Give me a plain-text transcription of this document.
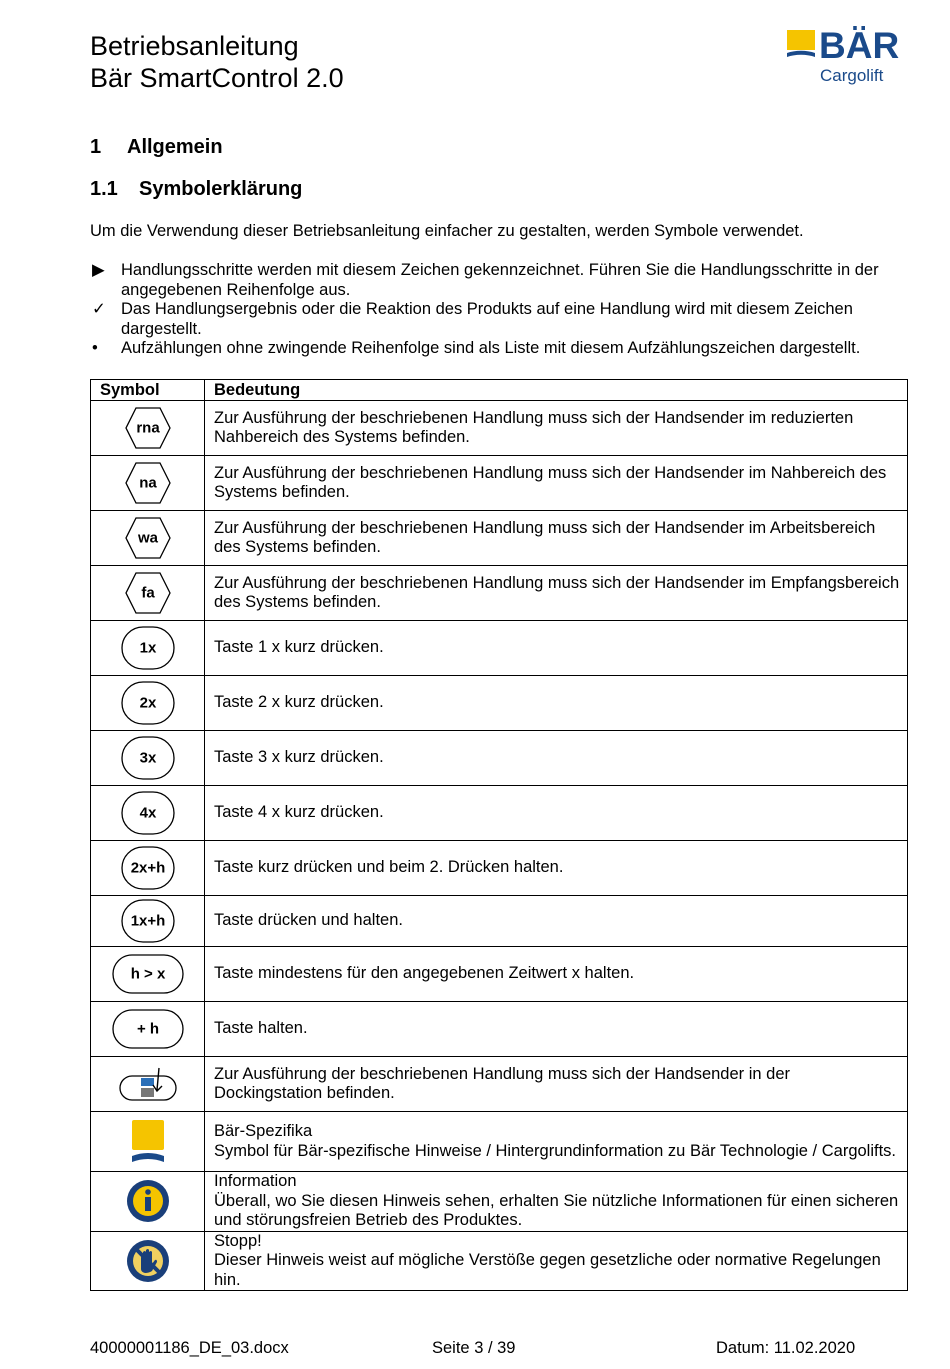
Betriebsanleitung
Bär SmartControl 2.0
BÄR
Cargolift
1 Allgemein
1.1 Symbolerklärung
Um die Verwendung dieser Betriebsanleitung einfacher zu gestalten, werden Symbole verwendet.
▶ Handlungsschritte werden mit diesem Zeichen gekennzeichnet. Führen Sie die Handlungsschritte in der angegebenen Reihenfolge aus.
✓ Das Handlungsergebnis oder die Reaktion des Produkts auf eine Handlung wird mit diesem Zeichen dargestellt.
•	Aufzählungen ohne zwingende Reihenfolge sind als Liste mit diesem Aufzählungszeichen dargestellt.
Symbol	Bedeutung

rna	Zur Ausführung der beschriebenen Handlung muss sich der Handsender im reduzierten Nahbereich des Systems befinden.

na	Zur Ausführung der beschriebenen Handlung muss sich der Handsender im Nahbereich des Systems befinden.

wa	Zur Ausführung der beschriebenen Handlung muss sich der Handsender im Arbeitsbereich des Systems befinden.

fa	Zur Ausführung der beschriebenen Handlung muss sich der Handsender im Empfangsbereich des Systems befinden.

1x	Taste 1 x kurz drücken.

2x	Taste 2 x kurz drücken.

3x	Taste 3 x kurz drücken.

4x	Taste 4 x kurz drücken.

2x+h	Taste kurz drücken und beim 2. Drücken halten.

1x+h	Taste drücken und halten.

h > x	Taste mindestens für den angegebenen Zeitwert x halten.

+ h	Taste halten.

Zur Ausführung der beschriebenen Handlung muss sich der Handsender in der Dockingstation befinden.

Bär-Spezifika
Symbol für Bär-spezifische Hinweise / Hintergrundinformation zu Bär Technologie / Cargolifts.

Information
Überall, wo Sie diesen Hinweis sehen, erhalten Sie nützliche Informationen für einen sicheren und störungsfreien Betrieb des Produktes.

Stopp!
Dieser Hinweis weist auf mögliche Verstöße gegen gesetzliche oder normative Regelungen hin.
40000001186_DE_03.docx	Seite 3 / 39	Datum: 11.02.2020
